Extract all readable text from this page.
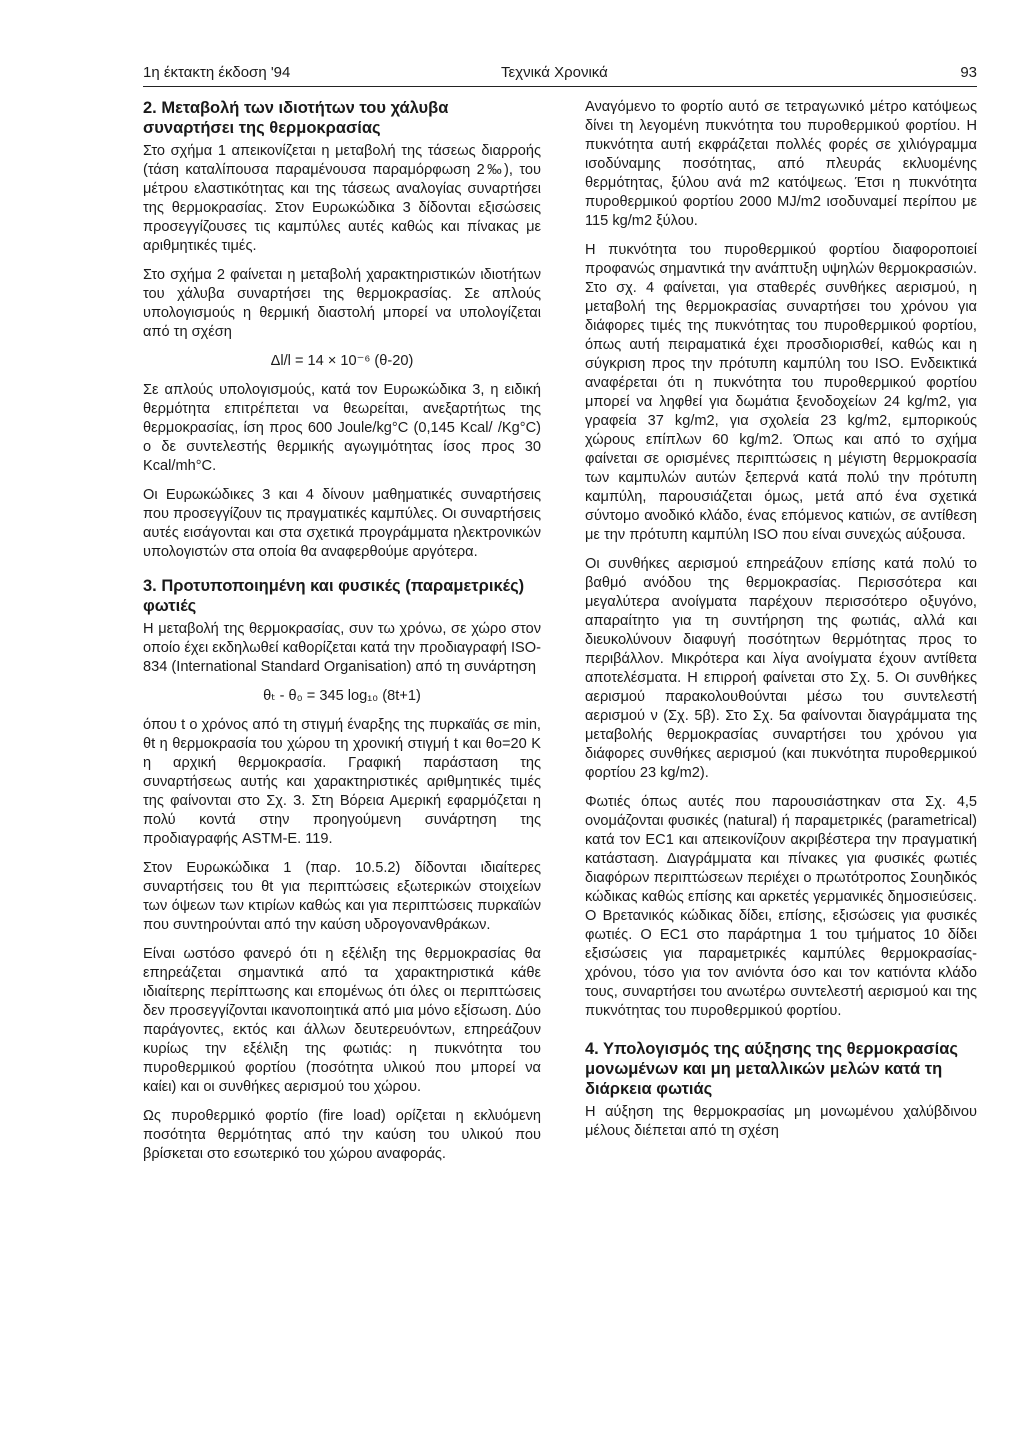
1η έκτακτη έκδοση '94	Τεχνικά Χρονικά	93
2. Μεταβολή των ιδιοτήτων του χάλυβα συναρτήσει της θερμοκρασίας

Στο σχήμα 1 απεικονίζεται η μεταβολή της τάσεως διαρροής (τάση καταλίπουσα παραμένουσα παραμόρφωση 2‰), του μέτρου ελαστικότητας και της τάσεως αναλογίας συναρτήσει της θερμοκρασίας. Στον Ευρωκώδικα 3 δίδονται εξισώσεις προσεγγίζουσες τις καμπύλες αυτές καθώς και πίνακας με αριθμητικές τιμές.

Στο σχήμα 2 φαίνεται η μεταβολή χαρακτηριστικών ιδιοτήτων του χάλυβα συναρτήσει της θερμοκρασίας. Σε απλούς υπολογισμούς η θερμική διαστολή μπορεί να υπολογίζεται από τη σχέση

Δl/l = 14 × 10⁻⁶ (θ-20)

Σε απλούς υπολογισμούς, κατά τον Ευρωκώδικα 3, η ειδική θερμότητα επιτρέπεται να θεωρείται, ανεξαρτήτως της θερμοκρασίας, ίση προς 600 Joule/kg°C (0,145 Kcal/ /Kg°C) ο δε συντελεστής θερμικής αγωγιμότητας ίσος προς 30 Kcal/mh°C.

Οι Ευρωκώδικες 3 και 4 δίνουν μαθηματικές συναρτήσεις που προσεγγίζουν τις πραγματικές καμπύλες. Οι συναρτήσεις αυτές εισάγονται και στα σχετικά προγράμματα ηλεκτρονικών υπολογιστών στα οποία θα αναφερθούμε αργότερα.

3. Προτυποποιημένη και φυσικές (παραμετρικές) φωτιές

Η μεταβολή της θερμοκρασίας, συν τω χρόνω, σε χώρο στον οποίο έχει εκδηλωθεί καθορίζεται κατά την προδιαγραφή ISO-834 (International Standard Organisation) από τη συνάρτηση

θₜ - θ₀ = 345 log₁₀ (8t+1)

όπου t ο χρόνος από τη στιγμή έναρξης της πυρκαϊάς σε min, θt η θερμοκρασία του χώρου τη χρονική στιγμή t και θο=20 K η αρχική θερμοκρασία. Γραφική παράσταση της συναρτήσεως αυτής και χαρακτηριστικές αριθμητικές τιμές της φαίνονται στο Σχ. 3. Στη Βόρεια Αμερική εφαρμόζεται η πολύ κοντά στην προηγούμενη συνάρτηση της προδιαγραφής ASTM-E. 119.

Στον Ευρωκώδικα 1 (παρ. 10.5.2) δίδονται ιδιαίτερες συναρτήσεις του θt για περιπτώσεις εξωτερικών στοιχείων των όψεων των κτιρίων καθώς και για περιπτώσεις πυρκαϊών που συντηρούνται από την καύση υδρογονανθράκων.

Είναι ωστόσο φανερό ότι η εξέλιξη της θερμοκρασίας θα επηρεάζεται σημαντικά από τα χαρακτηριστικά κάθε ιδιαίτερης περίπτωσης και επομένως ότι όλες οι περιπτώσεις δεν προσεγγίζονται ικανοποιητικά από μια μόνο εξίσωση. Δύο παράγοντες, εκτός και άλλων δευτερευόντων, επηρεάζουν κυρίως την εξέλιξη της φωτιάς: η πυκνότητα του πυροθερμικού φορτίου (ποσότητα υλικού που μπορεί να καίει) και οι συνθήκες αερισμού του χώρου.

Ως πυροθερμικό φορτίο (fire load) ορίζεται η εκλυόμενη ποσότητα θερμότητας από την καύση του υλικού που βρίσκεται στο εσωτερικό του χώρου αναφοράς.

Αναγόμενο το φορτίο αυτό σε τετραγωνικό μέτρο κατόψεως δίνει τη λεγομένη πυκνότητα του πυροθερμικού φορτίου. Η πυκνότητα αυτή εκφράζεται πολλές φορές σε χιλιόγραμμα ισοδύναμης ποσότητας, από πλευράς εκλυομένης θερμότητας, ξύλου ανά m2 κατόψεως. Έτσι η πυκνότητα πυροθερμικού φορτίου 2000 MJ/m2 ισοδυναμεί περίπου με 115 kg/m2 ξύλου.

Η πυκνότητα του πυροθερμικού φορτίου διαφοροποιεί προφανώς σημαντικά την ανάπτυξη υψηλών θερμοκρασιών. Στο σχ. 4 φαίνεται, για σταθερές συνθήκες αερισμού, η μεταβολή της θερμοκρασίας συναρτήσει του χρόνου για διάφορες τιμές της πυκνότητας του πυροθερμικού φορτίου, όπως αυτή πειραματικά έχει προσδιορισθεί, καθώς και η σύγκριση προς την πρότυπη καμπύλη του ISO. Ενδεικτικά αναφέρεται ότι η πυκνότητα του πυροθερμικού φορτίου μπορεί να ληφθεί για δωμάτια ξενοδοχείων 24 kg/m2, για γραφεία 37 kg/m2, για σχολεία 23 kg/m2, εμπορικούς χώρους επίπλων 60 kg/m2. Όπως και από το σχήμα φαίνεται σε ορισμένες περιπτώσεις η μέγιστη θερμοκρασία των καμπυλών αυτών ξεπερνά κατά πολύ την πρότυπη καμπύλη, παρουσιάζεται όμως, μετά από ένα σχετικά σύντομο ανοδικό κλάδο, ένας επόμενος κατιών, σε αντίθεση με την πρότυπη καμπύλη ISO που είναι συνεχώς αύξουσα.

Οι συνθήκες αερισμού επηρεάζουν επίσης κατά πολύ το βαθμό ανόδου της θερμοκρασίας. Περισσότερα και μεγαλύτερα ανοίγματα παρέχουν περισσότερο οξυγόνο, απαραίτητο για τη συντήρηση της φωτιάς, αλλά και διευκολύνουν διαφυγή ποσότητων θερμότητας προς το περιβάλλον. Μικρότερα και λίγα ανοίγματα έχουν αντίθετα αποτελέσματα. Η επιρροή φαίνεται στο Σχ. 5. Οι συνθήκες αερισμού παρακολουθούνται μέσω του συντελεστή αερισμού ν (Σχ. 5β). Στο Σχ. 5α φαίνονται διαγράμματα της μεταβολής θερμοκρασίας συναρτήσει του χρόνου για διάφορες συνθήκες αερισμού (και πυκνότητα πυροθερμικού φορτίου 23 kg/m2).

Φωτιές όπως αυτές που παρουσιάστηκαν στα Σχ. 4,5 ονομάζονται φυσικές (natural) ή παραμετρικές (parametrical) κατά τον EC1 και απεικονίζουν ακριβέστερα την πραγματική κατάσταση. Διαγράμματα και πίνακες για φυσικές φωτιές διαφόρων περιπτώσεων περιέχει ο πρωτότροπος Σουηδικός κώδικας καθώς επίσης και αρκετές γερμανικές δημοσιεύσεις. Ο Βρετανικός κώδικας δίδει, επίσης, εξισώσεις για φυσικές φωτιές. Ο EC1 στο παράρτημα 1 του τμήματος 10 δίδει εξισώσεις για παραμετρικές καμπύλες θερμοκρασίας-χρόνου, τόσο για τον ανιόντα όσο και τον κατιόντα κλάδο τους, συναρτήσει του ανωτέρω συντελεστή αερισμού και της πυκνότητας του πυροθερμικού φορτίου.

4. Υπολογισμός της αύξησης της θερμοκρασίας μονωμένων και μη μεταλλικών μελών κατά τη διάρκεια φωτιάς

Η αύξηση της θερμοκρασίας μη μονωμένου χαλύβδινου μέλους διέπεται από τη σχέση
